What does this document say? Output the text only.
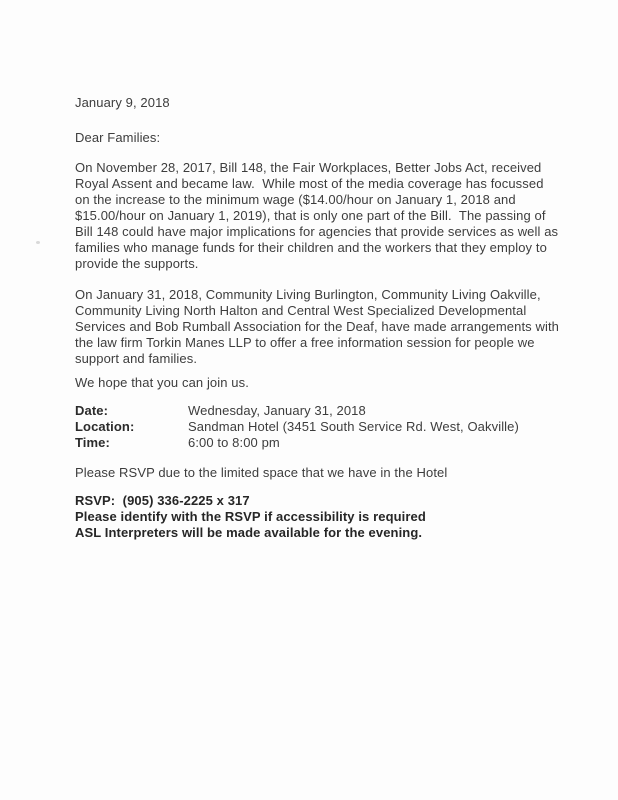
January 9, 2018
Dear Families:
On November 28, 2017, Bill 148, the Fair Workplaces, Better Jobs Act, received Royal Assent and became law.  While most of the media coverage has focussed on the increase to the minimum wage ($14.00/hour on January 1, 2018 and $15.00/hour on January 1, 2019), that is only one part of the Bill.  The passing of Bill 148 could have major implications for agencies that provide services as well as families who manage funds for their children and the workers that they employ to provide the supports.
On January 31, 2018, Community Living Burlington, Community Living Oakville, Community Living North Halton and Central West Specialized Developmental Services and Bob Rumball Association for the Deaf, have made arrangements with the law firm Torkin Manes LLP to offer a free information session for people we support and families.
We hope that you can join us.
Date:	Wednesday, January 31, 2018
Location:	Sandman Hotel (3451 South Service Rd. West, Oakville)
Time:	6:00 to 8:00 pm
Please RSVP due to the limited space that we have in the Hotel
RSVP:  (905) 336-2225 x 317
Please identify with the RSVP if accessibility is required
ASL Interpreters will be made available for the evening.
